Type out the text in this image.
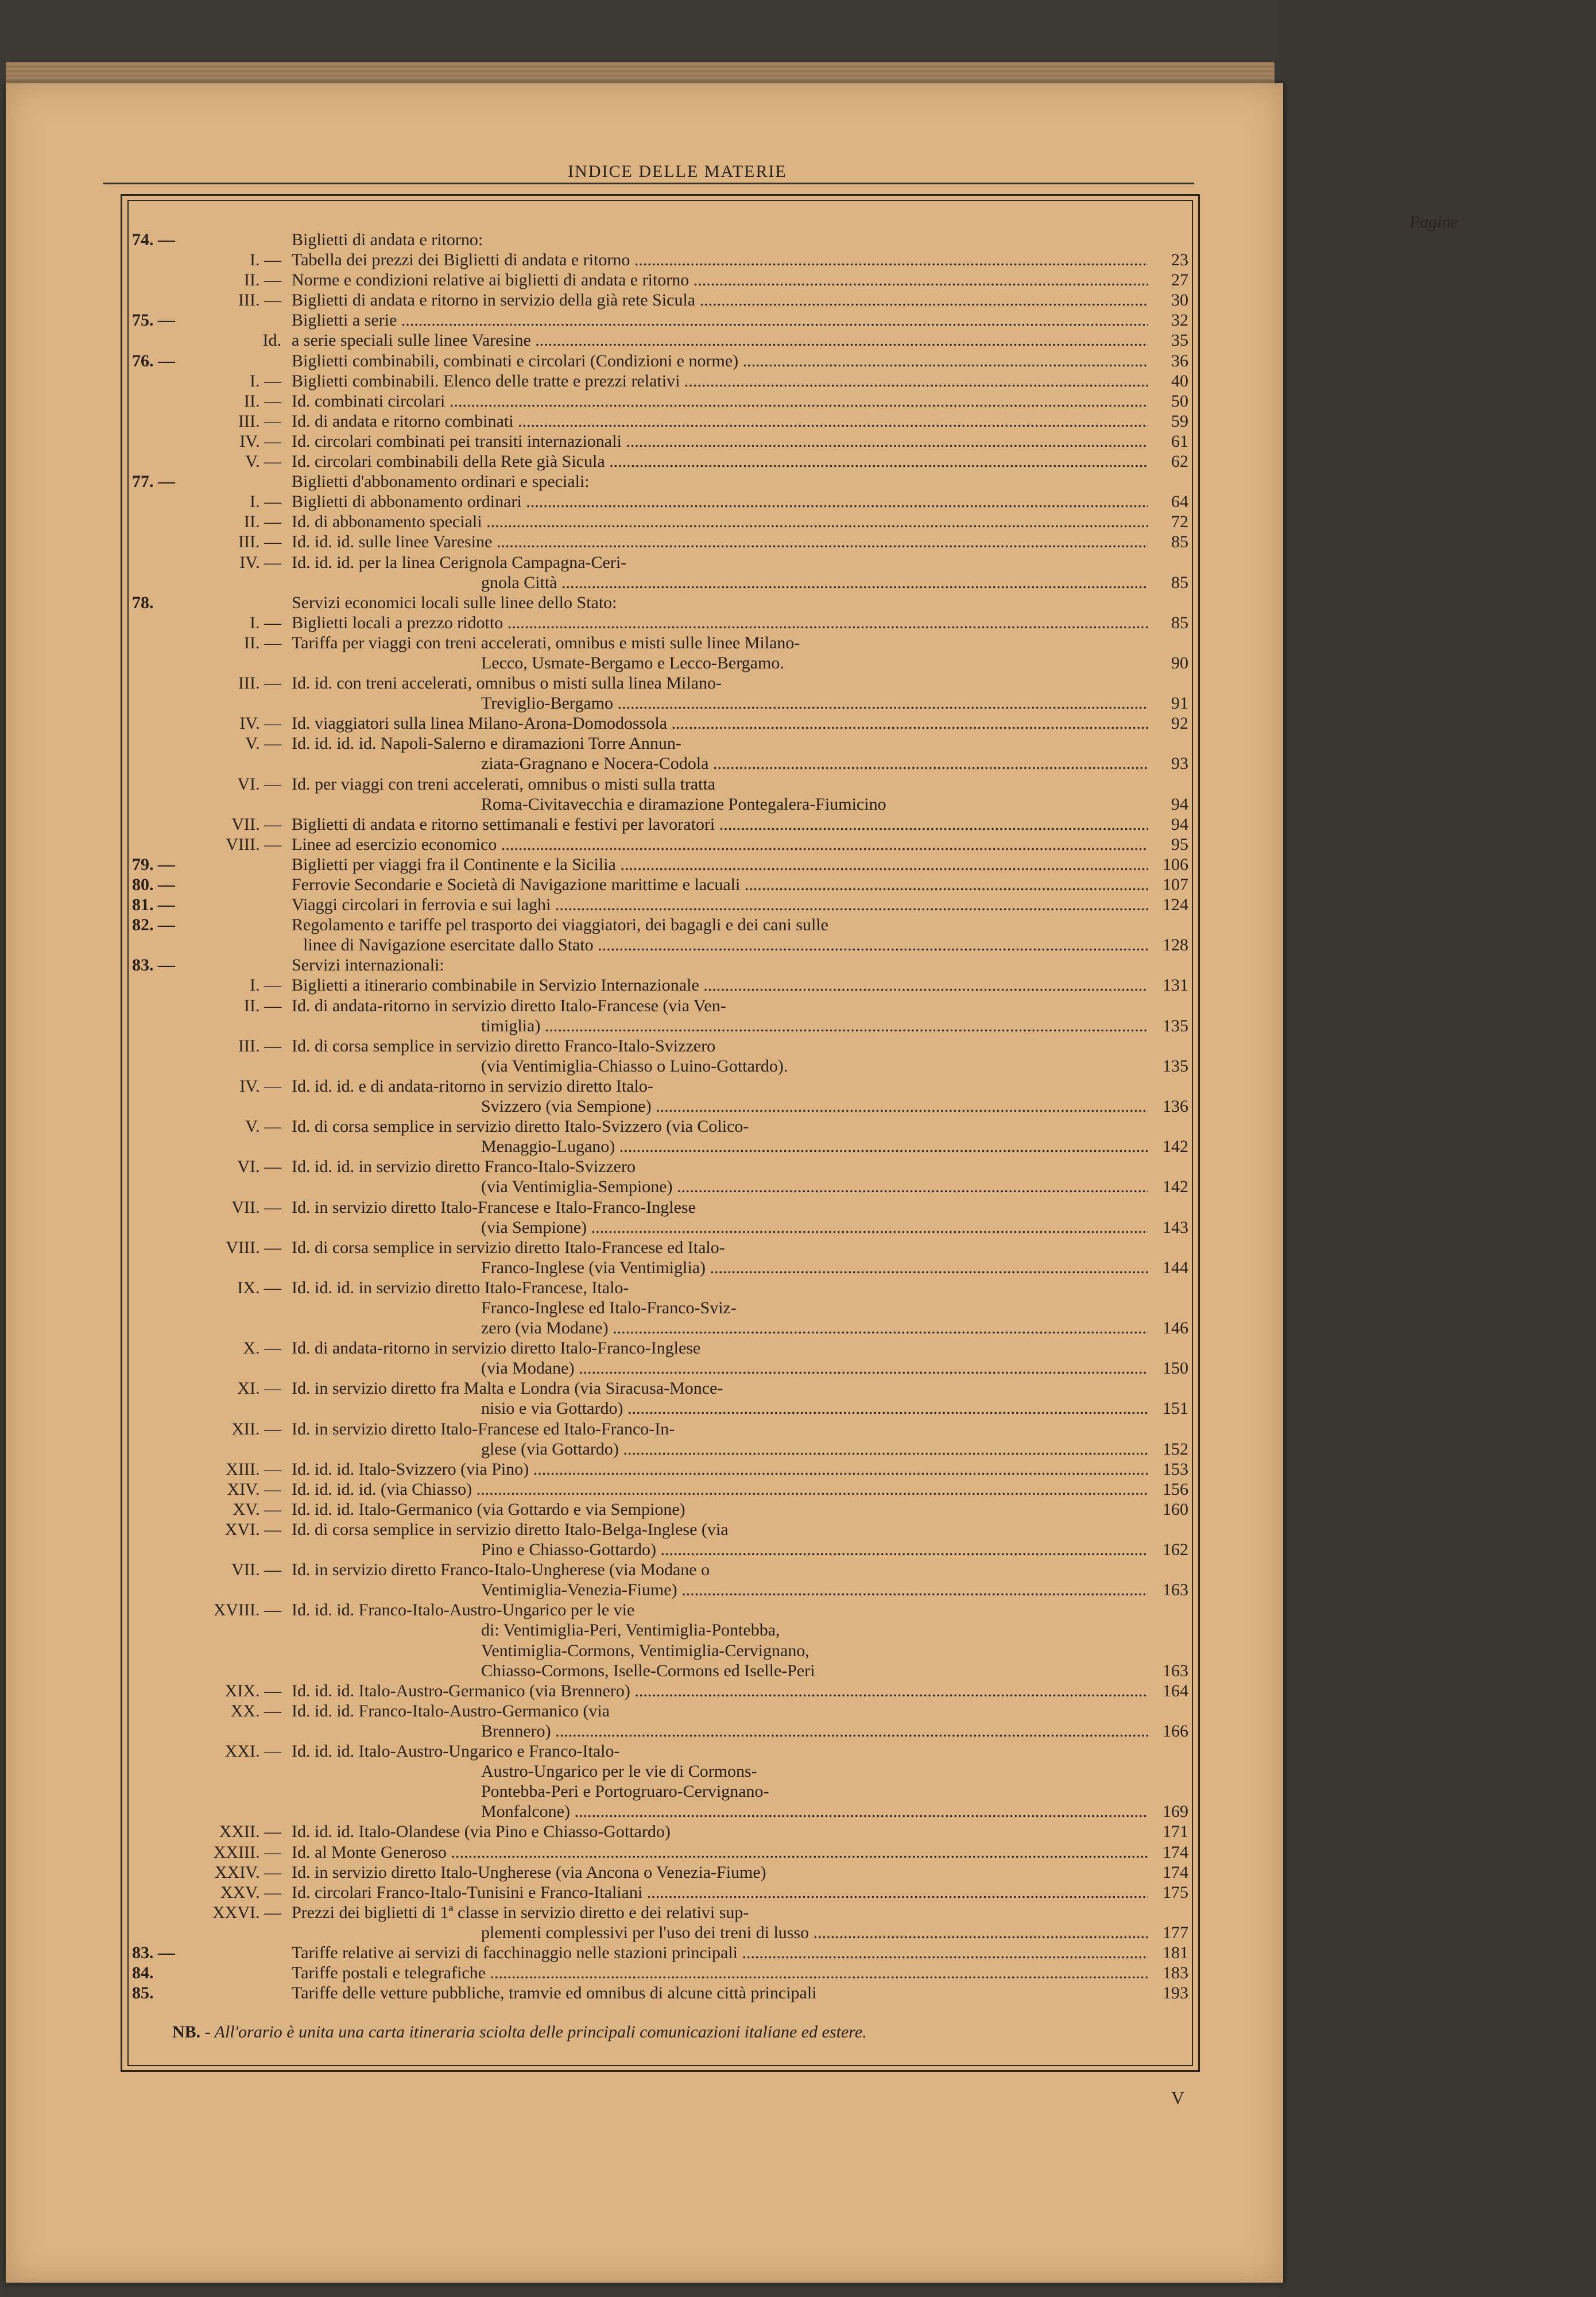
INDICE DELLE MATERIE
Pagine
74. —	Biglietti di andata e ritorno:
I. — Tabella dei prezzi dei Biglietti di andata e ritorno .....	23
II. — Norme e condizioni relative ai biglietti di andata e ritorno .....	27
III. — Biglietti di andata e ritorno in servizio della già rete Sicula .....	30
75. —	Biglietti a serie .....	32
Id. a serie speciali sulle linee Varesine .....	35
76. —	Biglietti combinabili, combinati e circolari (Condizioni e norme) .....	36
I. — Biglietti combinabili. Elenco delle tratte e prezzi relativi .....	40
II. — Id. combinati circolari .....	50
III. — Id. di andata e ritorno combinati .....	59
IV. — Id. circolari combinati pei transiti internazionali .....	61
V. — Id. circolari combinabili della Rete già Sicula .....	62
77. —	Biglietti d'abbonamento ordinari e speciali:
I. — Biglietti di abbonamento ordinari .....	64
II. — Id. di abbonamento speciali .....	72
III. — Id. id. id. sulle linee Varesine .....	85
IV. — Id. id. id. per la linea Cerignola Campagna-Ceri-
gnola Città .....	85
78.	Servizi economici locali sulle linee dello Stato:
I. — Biglietti locali a prezzo ridotto .....	85
II. — Tariffa per viaggi con treni accelerati, omnibus e misti sulle linee Milano-
Lecco, Usmate-Bergamo e Lecco-Bergamo.	90
III. — Id. id. con treni accelerati, omnibus o misti sulla linea Milano-
Treviglio-Bergamo .....	91
IV. — Id. viaggiatori sulla linea Milano-Arona-Domodossola .....	92
V. — Id. id. id. id. Napoli-Salerno e diramazioni Torre Annun-
ziata-Gragnano e Nocera-Codola .....	93
VI. — Id. per viaggi con treni accelerati, omnibus o misti sulla tratta
Roma-Civitavecchia e diramazione Pontegalera-Fiumicino	94
VII. — Biglietti di andata e ritorno settimanali e festivi per lavoratori .....	94
VIII. — Linee ad esercizio economico .....	95
79. —	Biglietti per viaggi fra il Continente e la Sicilia .....	106
80. —	Ferrovie Secondarie e Società di Navigazione marittime e lacuali .....	107
81. —	Viaggi circolari in ferrovia e sui laghi .....	124
82. —	Regolamento e tariffe pel trasporto dei viaggiatori, dei bagagli e dei cani sulle
linee di Navigazione esercitate dallo Stato .....	128
83. —	Servizi internazionali:
I. — Biglietti a itinerario combinabile in Servizio Internazionale .....	131
II. — Id. di andata-ritorno in servizio diretto Italo-Francese (via Ven-
timiglia) .....	135
III. — Id. di corsa semplice in servizio diretto Franco-Italo-Svizzero
(via Ventimiglia-Chiasso o Luino-Gottardo).	135
IV. — Id. id. id. e di andata-ritorno in servizio diretto Italo-
Svizzero (via Sempione) .....	136
V. — Id. di corsa semplice in servizio diretto Italo-Svizzero (via Colico-
Menaggio-Lugano) .....	142
VI. — Id. id. id. in servizio diretto Franco-Italo-Svizzero
(via Ventimiglia-Sempione) .....	142
VII. — Id. in servizio diretto Italo-Francese e Italo-Franco-Inglese
(via Sempione) .....	143
VIII. — Id. di corsa semplice in servizio diretto Italo-Francese ed Italo-
Franco-Inglese (via Ventimiglia) .....	144
IX. — Id. id. id. in servizio diretto Italo-Francese, Italo-
Franco-Inglese ed Italo-Franco-Sviz-
zero (via Modane) .....	146
X. — Id. di andata-ritorno in servizio diretto Italo-Franco-Inglese
(via Modane) .....	150
XI. — Id. in servizio diretto fra Malta e Londra (via Siracusa-Monce-
nisio e via Gottardo) .....	151
XII. — Id. in servizio diretto Italo-Francese ed Italo-Franco-In-
glese (via Gottardo) .....	152
XIII. — Id. id. id. Italo-Svizzero (via Pino) .....	153
XIV. — Id. id. id. id. (via Chiasso) .....	156
XV. — Id. id. id. Italo-Germanico (via Gottardo e via Sempione)	160
XVI. — Id. di corsa semplice in servizio diretto Italo-Belga-Inglese (via
Pino e Chiasso-Gottardo) .....	162
VII. — Id. in servizio diretto Franco-Italo-Ungherese (via Modane o
Ventimiglia-Venezia-Fiume) .....	163
XVIII. — Id. id. id. Franco-Italo-Austro-Ungarico per le vie
di: Ventimiglia-Peri, Ventimiglia-Pontebba,
Ventimiglia-Cormons, Ventimiglia-Cervignano,
Chiasso-Cormons, Iselle-Cormons ed Iselle-Peri	163
XIX. — Id. id. id. Italo-Austro-Germanico (via Brennero) .....	164
XX. — Id. id. id. Franco-Italo-Austro-Germanico (via
Brennero) .....	166
XXI. — Id. id. id. Italo-Austro-Ungarico e Franco-Italo-
Austro-Ungarico per le vie di Cormons-
Pontebba-Peri e Portogruaro-Cervignano-
Monfalcone) .....	169
XXII. — Id. id. id. Italo-Olandese (via Pino e Chiasso-Gottardo)	171
XXIII. — Id. al Monte Generoso .....	174
XXIV. — Id. in servizio diretto Italo-Ungherese (via Ancona o Venezia-Fiume)	174
XXV. — Id. circolari Franco-Italo-Tunisini e Franco-Italiani .....	175
XXVI. — Prezzi dei biglietti di 1ª classe in servizio diretto e dei relativi sup-
plementi complessivi per l'uso dei treni di lusso .....	177
83. —	Tariffe relative ai servizi di facchinaggio nelle stazioni principali .....	181
84.	Tariffe postali e telegrafiche .....	183
85.	Tariffe delle vetture pubbliche, tramvie ed omnibus di alcune città principali	193
NB. - All'orario è unita una carta itineraria sciolta delle principali comunicazioni italiane ed estere.
V
